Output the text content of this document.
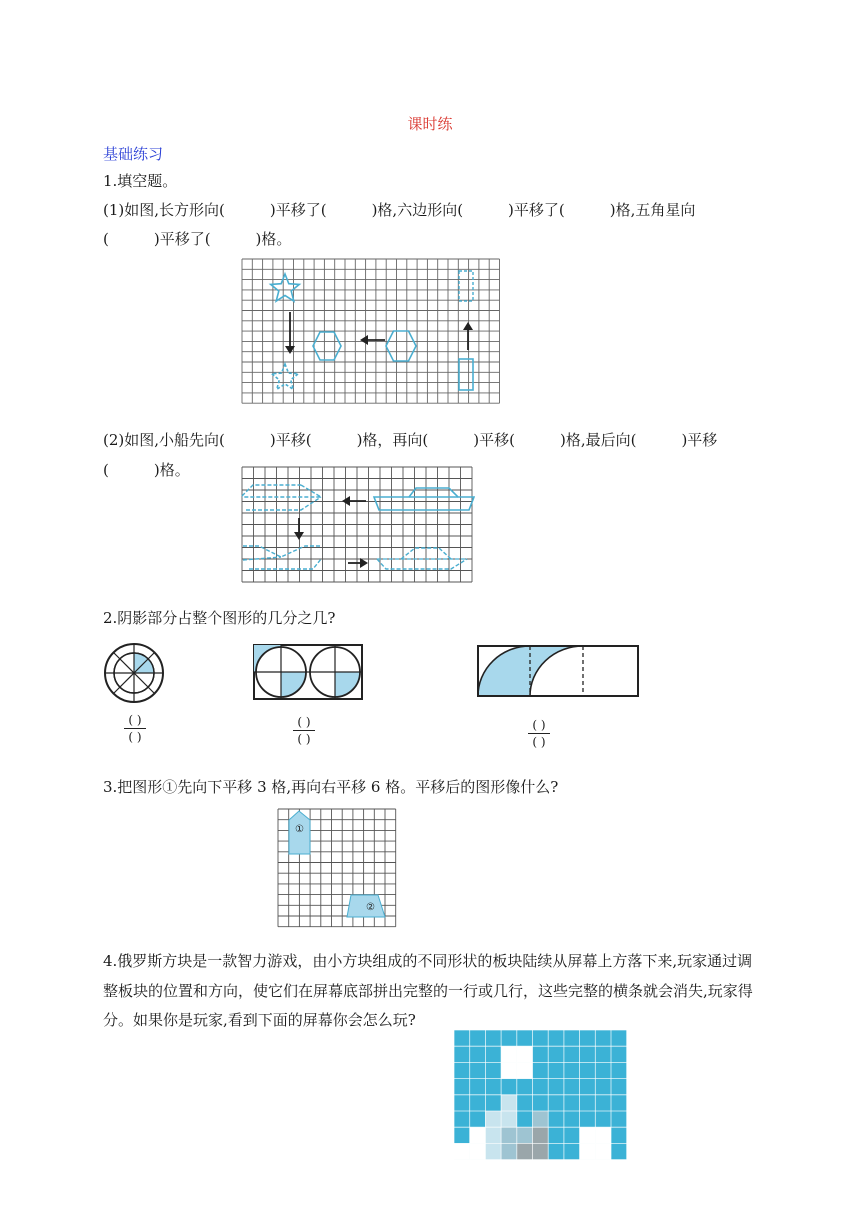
课时练
基础练习
1.填空题。
(1)如图,长方形向(　　　)平移了(　　　)格,六边形向(　　　)平移了(　　　)格,五角星向
(　　　)平移了(　　　)格。
(2)如图,小船先向(　　　)平移(　　　)格，再向(　　　)平移(　　　)格,最后向(　　　)平移
(　　　)格。
2.阴影部分占整个图形的几分之几?
( )
( )
( )
( )
( )
( )
3.把图形①先向下平移 3 格,再向右平移 6 格。平移后的图形像什么?
①
②
4.俄罗斯方块是一款智力游戏，由小方块组成的不同形状的板块陆续从屏幕上方落下来,玩家通过调
整板块的位置和方向，使它们在屏幕底部拼出完整的一行或几行，这些完整的横条就会消失,玩家得
分。如果你是玩家,看到下面的屏幕你会怎么玩?
